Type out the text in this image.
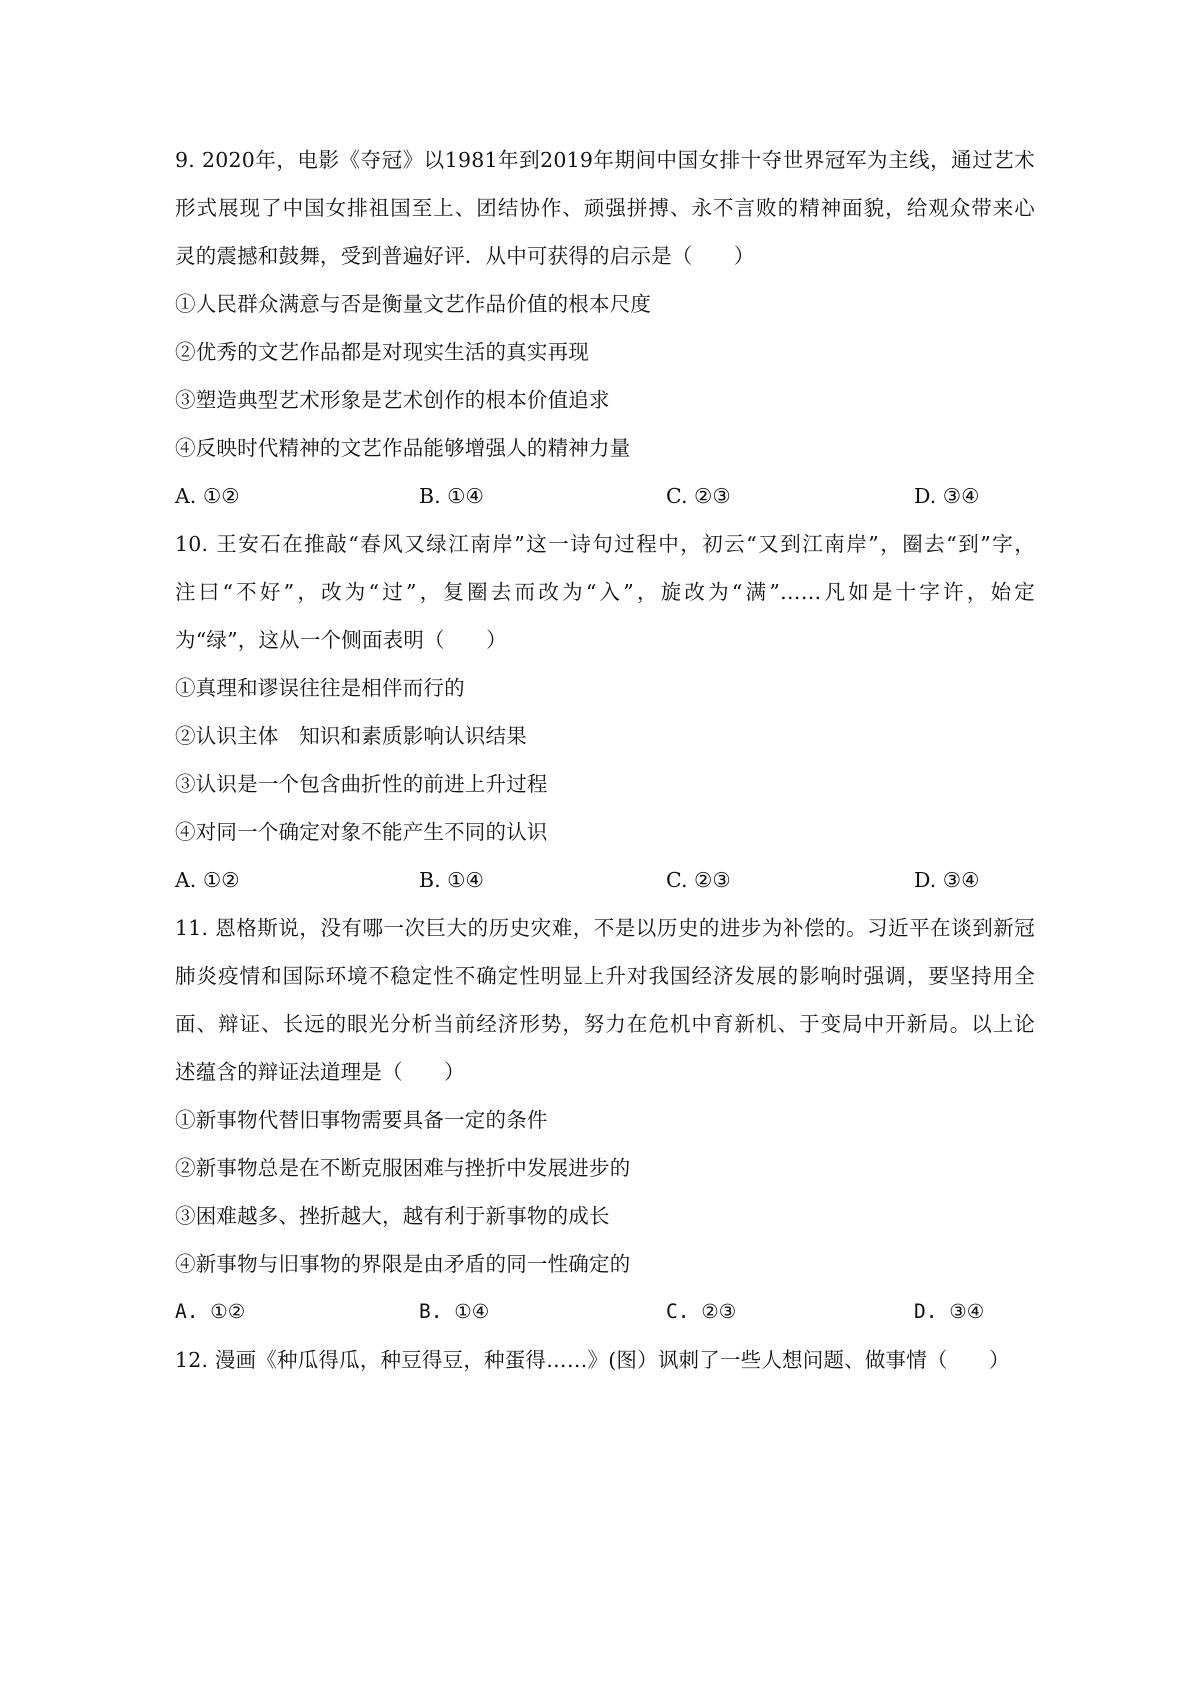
9. 2020年，电影《夺冠》以1981年到2019年期间中国女排十夺世界冠军为主线，通过艺术
形式展现了中国女排祖国至上、团结协作、顽强拼搏、永不言败的精神面貌，给观众带来心
灵的震撼和鼓舞，受到普遍好评．从中可获得的启示是（　　）
①人民群众满意与否是衡量文艺作品价值的根本尺度
②优秀的文艺作品都是对现实生活的真实再现
③塑造典型艺术形象是艺术创作的根本价值追求
④反映时代精神的文艺作品能够增强人的精神力量
A. ①②	B. ①④	C. ②③	D. ③④
10. 王安石在推敲“春风又绿江南岸”这一诗句过程中，初云“又到江南岸”，圈去“到”字，
注曰“不好”，改为“过”，复圈去而改为“入”，旋改为“满”……凡如是十字许，始定
为“绿”，这从一个侧面表明（　　）
①真理和谬误往往是相伴而行的
②认识主体　知识和素质影响认识结果
③认识是一个包含曲折性的前进上升过程
④对同一个确定对象不能产生不同的认识
A. ①②	B. ①④	C. ②③	D. ③④
11. 恩格斯说，没有哪一次巨大的历史灾难，不是以历史的进步为补偿的。习近平在谈到新冠
肺炎疫情和国际环境不稳定性不确定性明显上升对我国经济发展的影响时强调，要坚持用全
面、辩证、长远的眼光分析当前经济形势，努力在危机中育新机、于变局中开新局。以上论
述蕴含的辩证法道理是（　　）
①新事物代替旧事物需要具备一定的条件
②新事物总是在不断克服困难与挫折中发展进步的
③困难越多、挫折越大，越有利于新事物的成长
④新事物与旧事物的界限是由矛盾的同一性确定的
A. ①②	B. ①④	C. ②③	D. ③④
12. 漫画《种瓜得瓜，种豆得豆，种蛋得……》(图）讽刺了一些人想问题、做事情（　　）
